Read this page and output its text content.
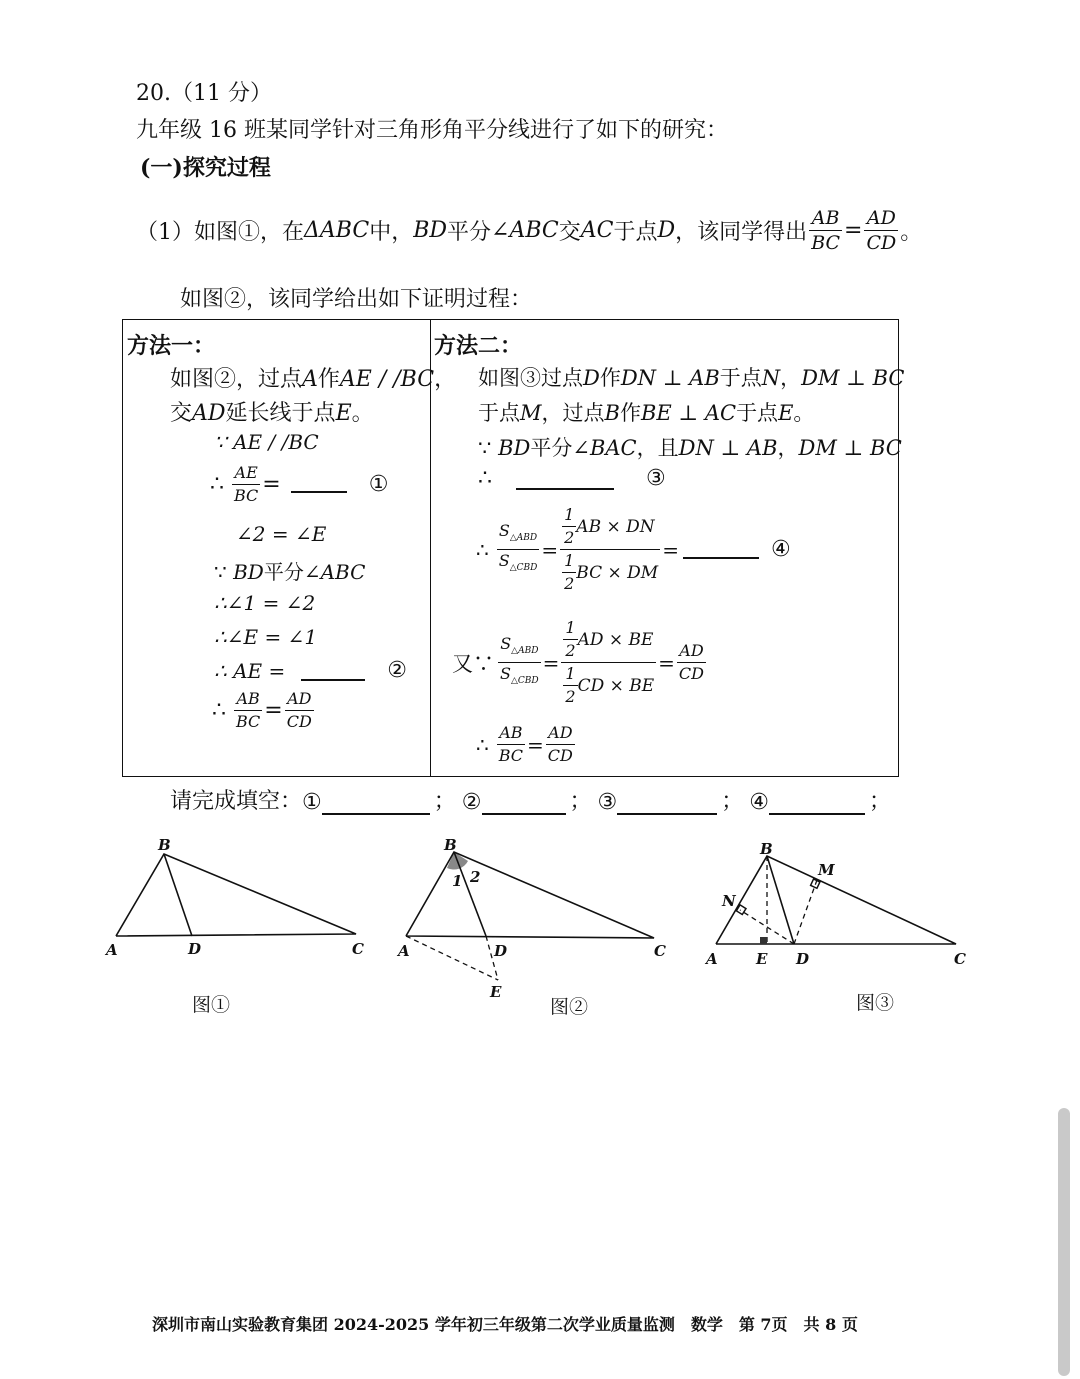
20.（11 分）
九年级 16 班某同学针对三角形角平分线进行了如下的研究：
(一)探究过程
（1）如图①，在 ΔABC 中， BD 平分 ∠ABC 交 AC 于点 D ，该同学得出 $\frac{AB}{BC} = \frac{AD}{CD}$ 。
如图②，该同学给出如下证明过程：
方法一：
如图②，过点A作AE / /BC，
交AD延长线于点E。
∵ AE / /BC
∴ $\frac{AE}{BC}$ =	①
∠2 = ∠E
∵ BD平分∠ABC
∴∠1 = ∠2
∴∠E = ∠1
∴ AE =	②
∴ $\frac{AB}{BC} = \frac{AD}{CD}$
方法二：
如图③过点D作DN ⊥ AB于点N，DM ⊥ BC
于点M，过点B作BE ⊥ AC于点E。
∵ BD平分∠BAC，且DN ⊥ AB，DM ⊥ BC
∴	③
∴ $\frac{S_{\triangle ABD}}{S_{\triangle CBD}} = \frac{\frac{1}{2} AB \times DN}{\frac{1}{2} BC \times DM}$ =	④
又∵ $\frac{S_{\triangle ABD}}{S_{\triangle CBD}} = \frac{\frac{1}{2} AD \times BE}{\frac{1}{2} CD \times BE} = \frac{AD}{CD}$
∴ $\frac{AB}{BC} = \frac{AD}{CD}$
请完成填空： ①	； ②	； ③	； ④	；
B
A	D	C
图①
B
1 2
A	D	C
E
图②
B
M
N
A	E D	C
图③
深圳市南山实验教育集团 2024-2025 学年初三年级第二次学业质量监测　数学　第 7页　共 8 页
